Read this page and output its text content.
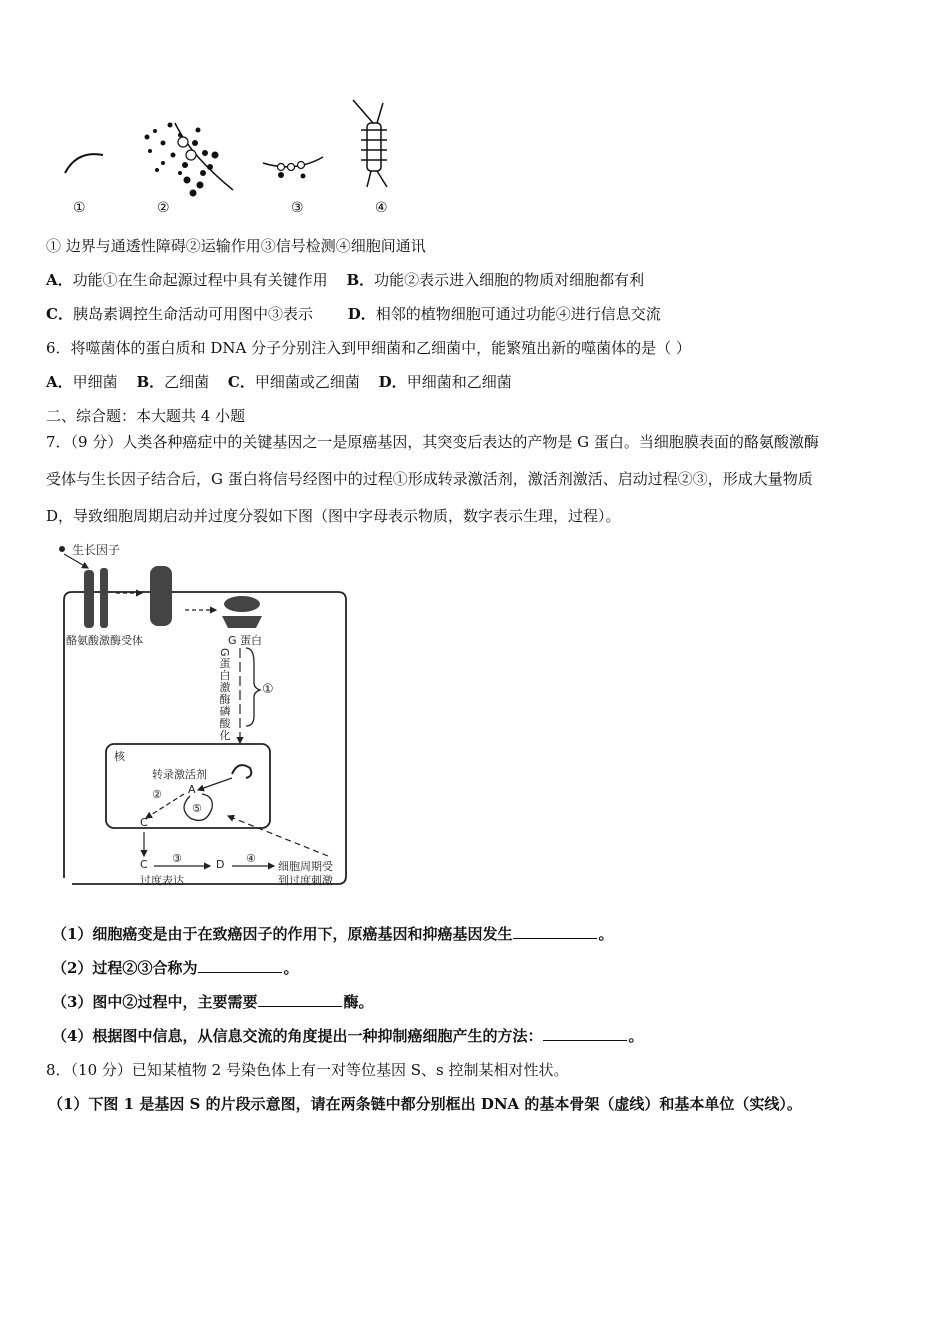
①	②	③	④
① 边界与通透性障碍②运输作用③信号检测④细胞间通讯
A．功能①在生命起源过程中具有关键作用 B．功能②表示进入细胞的物质对细胞都有利
C．胰岛素调控生命活动可用图中③表示 D．相邻的植物细胞可通过功能④进行信息交流
6．将噬菌体的蛋白质和 DNA 分子分别注入到甲细菌和乙细菌中，能繁殖出新的噬菌体的是（ ）
A．甲细菌 B．乙细菌 C．甲细菌或乙细菌 D．甲细菌和乙细菌
二、综合题：本大题共 4 小题
7．（9 分）人类各种癌症中的关键基因之一是原癌基因，其突变后表达的产物是 G 蛋白。当细胞膜表面的酪氨酸激酶
受体与生长因子结合后，G 蛋白将信号经图中的过程①形成转录激活剂，激活剂激活、启动过程②③，形成大量物质
D，导致细胞周期启动并过度分裂如下图（图中字母表示物质，数字表示生理，过程）。
生长因子
酪氨酸激酶受体	G 蛋白
G蛋白激酶磷酸化 ①
核
转录激活剂
A
②
⑤
C
C ③
过度表达
D ④
细胞周期受
到过度刺激
（1）细胞癌变是由于在致癌因子的作用下，原癌基因和抑癌基因发生	。
（2）过程②③合称为	。
（3）图中②过程中，主要需要	酶。
（4）根据图中信息，从信息交流的角度提出一种抑制癌细胞产生的方法：	。
8．（10 分）已知某植物 2 号染色体上有一对等位基因 S、s 控制某相对性状。
（1）下图 1 是基因 S 的片段示意图，请在两条链中都分别框出 DNA 的基本骨架（虚线）和基本单位（实线）。
